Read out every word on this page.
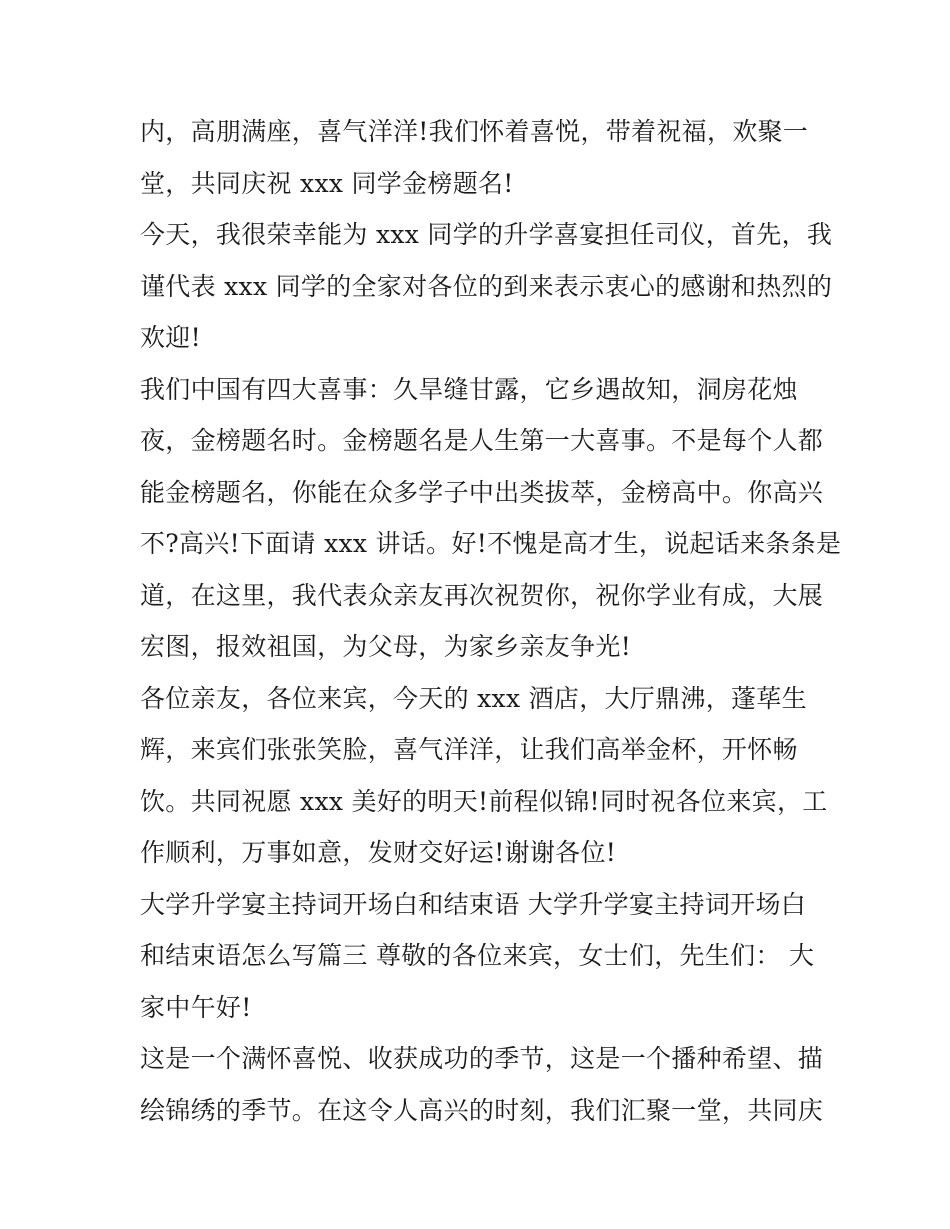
内，高朋满座，喜气洋洋!我们怀着喜悦，带着祝福，欢聚一
堂，共同庆祝 xxx 同学金榜题名!
今天，我很荣幸能为 xxx 同学的升学喜宴担任司仪，首先，我
谨代表 xxx 同学的全家对各位的到来表示衷心的感谢和热烈的
欢迎!
我们中国有四大喜事：久旱缝甘露，它乡遇故知，洞房花烛
夜，金榜题名时。金榜题名是人生第一大喜事。不是每个人都
能金榜题名，你能在众多学子中出类拔萃，金榜高中。你高兴
不?高兴!下面请 xxx 讲话。好!不愧是高才生，说起话来条条是
道，在这里，我代表众亲友再次祝贺你，祝你学业有成，大展
宏图，报效祖国，为父母，为家乡亲友争光!
各位亲友，各位来宾，今天的 xxx 酒店，大厅鼎沸，蓬荜生
辉，来宾们张张笑脸，喜气洋洋，让我们高举金杯，开怀畅
饮。共同祝愿 xxx 美好的明天!前程似锦!同时祝各位来宾，工
作顺利，万事如意，发财交好运!谢谢各位!
大学升学宴主持词开场白和结束语 大学升学宴主持词开场白
和结束语怎么写篇三 尊敬的各位来宾，女士们，先生们： 大
家中午好!
这是一个满怀喜悦、收获成功的季节，这是一个播种希望、描
绘锦绣的季节。在这令人高兴的时刻，我们汇聚一堂，共同庆
